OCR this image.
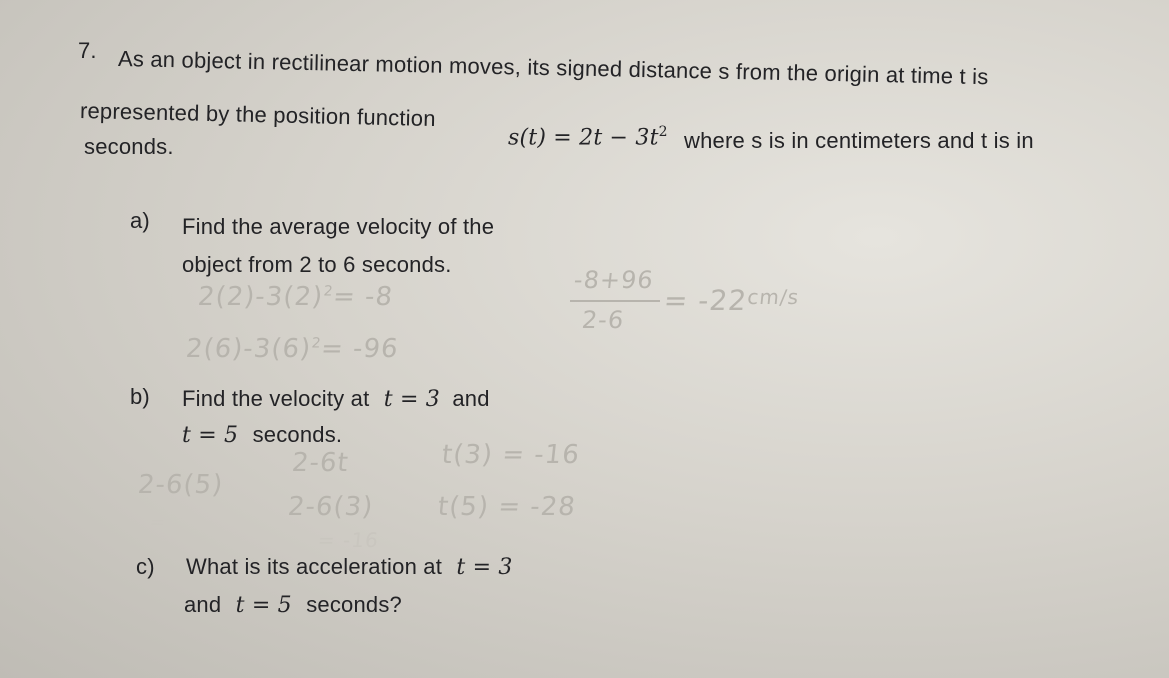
7. As an object in rectilinear motion moves, its signed distance s from the origin at time t is
represented by the position function
$s(t) = 2t - 3t^2$ where s is in centimeters and t is in
seconds.
a) Find the average velocity of the
object from 2 to 6 seconds.
$2(2)-3(2)^2= -8$
$2(6)-3(6)^2= -96$
-8+96
2-6
= $-22^{cm/s}$
b) Find the velocity at t = 3 and
t = 5 seconds.
2-6(5)
=
2-6t
2-6(3)
= -16
t(3) = -16
t(5) = -28
c) What is its acceleration at t = 3
and t = 5 seconds?
